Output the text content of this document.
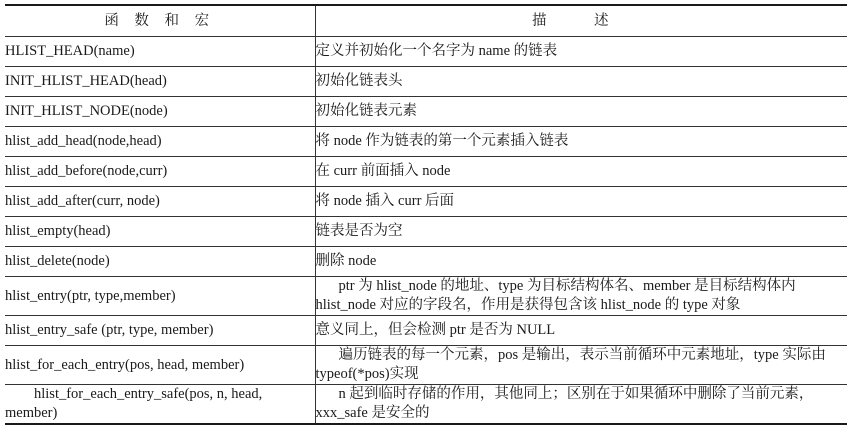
函 数 和 宏	描 述
HLIST_HEAD(name)	定义并初始化一个名字为 name 的链表
INIT_HLIST_HEAD(head)	初始化链表头
INIT_HLIST_NODE(node)	初始化链表元素
hlist_add_head(node,head)	将 node 作为链表的第一个元素插入链表
hlist_add_before(node,curr)	在 curr 前面插入 node
hlist_add_after(curr, node)	将 node 插入 curr 后面
hlist_empty(head)	链表是否为空
hlist_delete(node)	删除 node
hlist_entry(ptr, type,member)	ptr 为 hlist_node 的地址、type 为目标结构体名、member 是目标结构体内 hlist_node 对应的字段名，作用是获得包含该 hlist_node 的 type 对象
hlist_entry_safe (ptr, type, member)	意义同上，但会检测 ptr 是否为 NULL
hlist_for_each_entry(pos, head, member)	遍历链表的每一个元素，pos 是输出，表示当前循环中元素地址，type 实际由 typeof(*pos)实现
hlist_for_each_entry_safe(pos, n, head, member)	n 起到临时存储的作用，其他同上；区别在于如果循环中删除了当前元素，xxx_safe 是安全的
